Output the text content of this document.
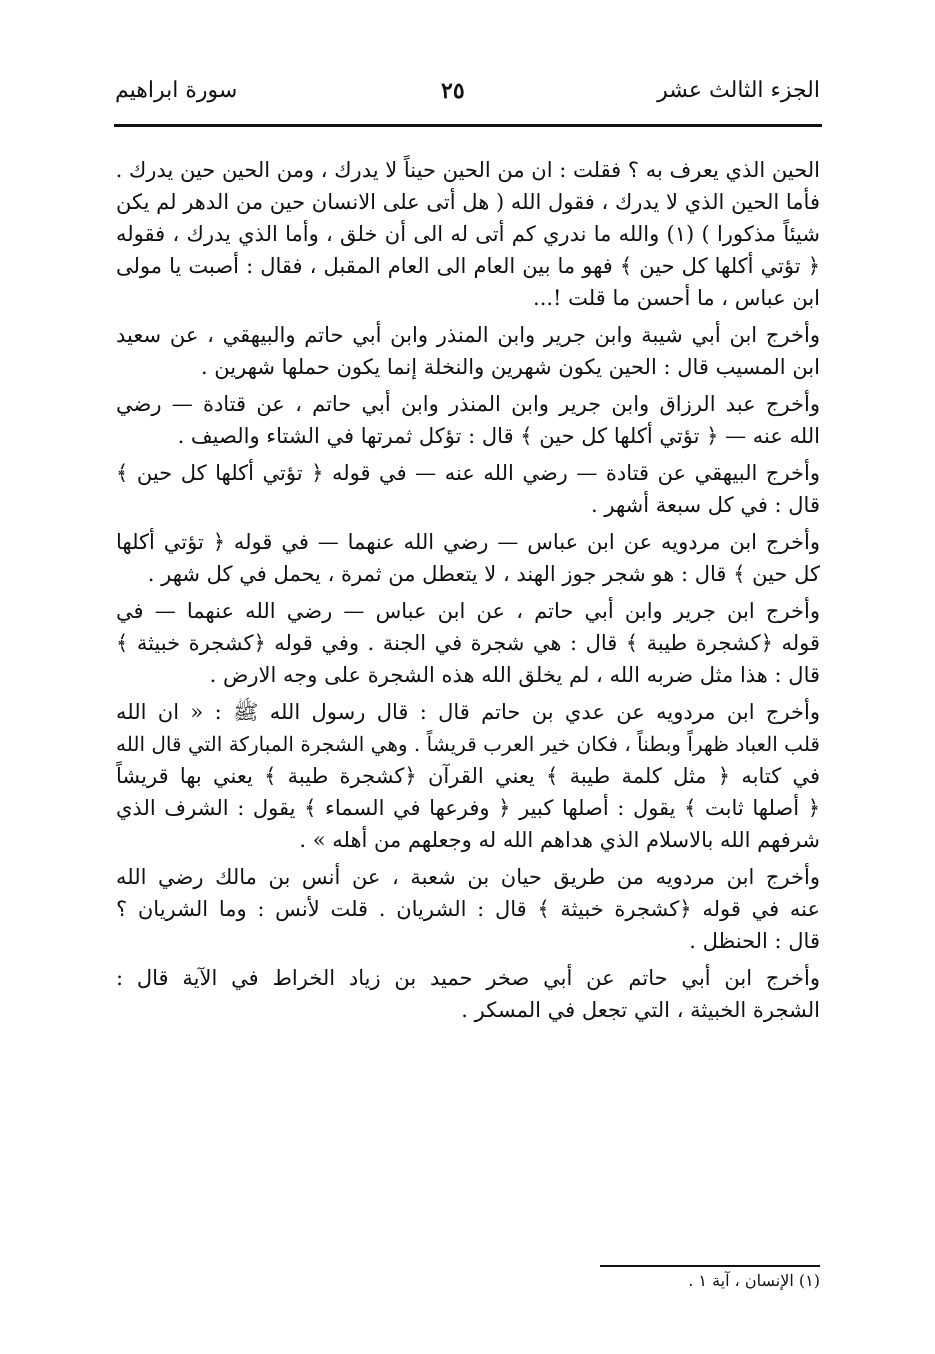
الجزء الثالث عشر
٢٥
سورة ابراهيم
الحين الذي يعرف به ؟ فقلت : ان من الحين حيناً لا يدرك ، ومن الحين حين يدرك .
فأما الحين الذي لا يدرك ، فقول الله ( هل أتى على الانسان حين من الدهر لم يكن
شيئاً مذكورا ) (١) والله ما ندري كم أتى له الى أن خلق ، وأما الذي يدرك ، فقوله
﴿ تؤتي أكلها كل حين ﴾ فهو ما بين العام الى العام المقبل ، فقال : أصبت يا مولى
ابن عباس ، ما أحسن ما قلت !...
وأخرج ابن أبي شيبة وابن جرير وابن المنذر وابن أبي حاتم والبيهقي ، عن سعيد
ابن المسيب قال : الحين يكون شهرين والنخلة إنما يكون حملها شهرين .
وأخرج عبد الرزاق وابن جرير وابن المنذر وابن أبي حاتم ، عن قتادة — رضي
الله عنه — ﴿ تؤتي أكلها كل حين ﴾ قال : تؤكل ثمرتها في الشتاء والصيف .
وأخرج البيهقي عن قتادة — رضي الله عنه — في قوله ﴿ تؤتي أكلها كل حين ﴾
قال : في كل سبعة أشهر .
وأخرج ابن مردويه عن ابن عباس — رضي الله عنهما — في قوله ﴿ تؤتي أكلها
كل حين ﴾ قال : هو شجر جوز الهند ، لا يتعطل من ثمرة ، يحمل في كل شهر .
وأخرج ابن جرير وابن أبي حاتم ، عن ابن عباس — رضي الله عنهما — في
قوله ﴿كشجرة طيبة ﴾ قال : هي شجرة في الجنة . وفي قوله ﴿كشجرة خبيثة ﴾
قال : هذا مثل ضربه الله ، لم يخلق الله هذه الشجرة على وجه الارض .
وأخرج ابن مردويه عن عدي بن حاتم قال : قال رسول الله ﷺ : « ان الله
قلب العباد ظهراً وبطناً ، فكان خير العرب قريشاً . وهي الشجرة المباركة التي قال الله
في كتابه ﴿ مثل كلمة طيبة ﴾ يعني القرآن ﴿كشجرة طيبة ﴾ يعني بها قريشاً
﴿ أصلها ثابت ﴾ يقول : أصلها كبير ﴿ وفرعها في السماء ﴾ يقول : الشرف الذي
شرفهم الله بالاسلام الذي هداهم الله له وجعلهم من أهله » .
وأخرج ابن مردويه من طريق حيان بن شعبة ، عن أنس بن مالك رضي الله
عنه في قوله ﴿كشجرة خبيثة ﴾ قال : الشريان . قلت لأنس : وما الشريان ؟
قال : الحنظل .
وأخرج ابن أبي حاتم عن أبي صخر حميد بن زياد الخراط في الآية قال :
الشجرة الخبيثة ، التي تجعل في المسكر .
(١) الإنسان ، آية ١ .
